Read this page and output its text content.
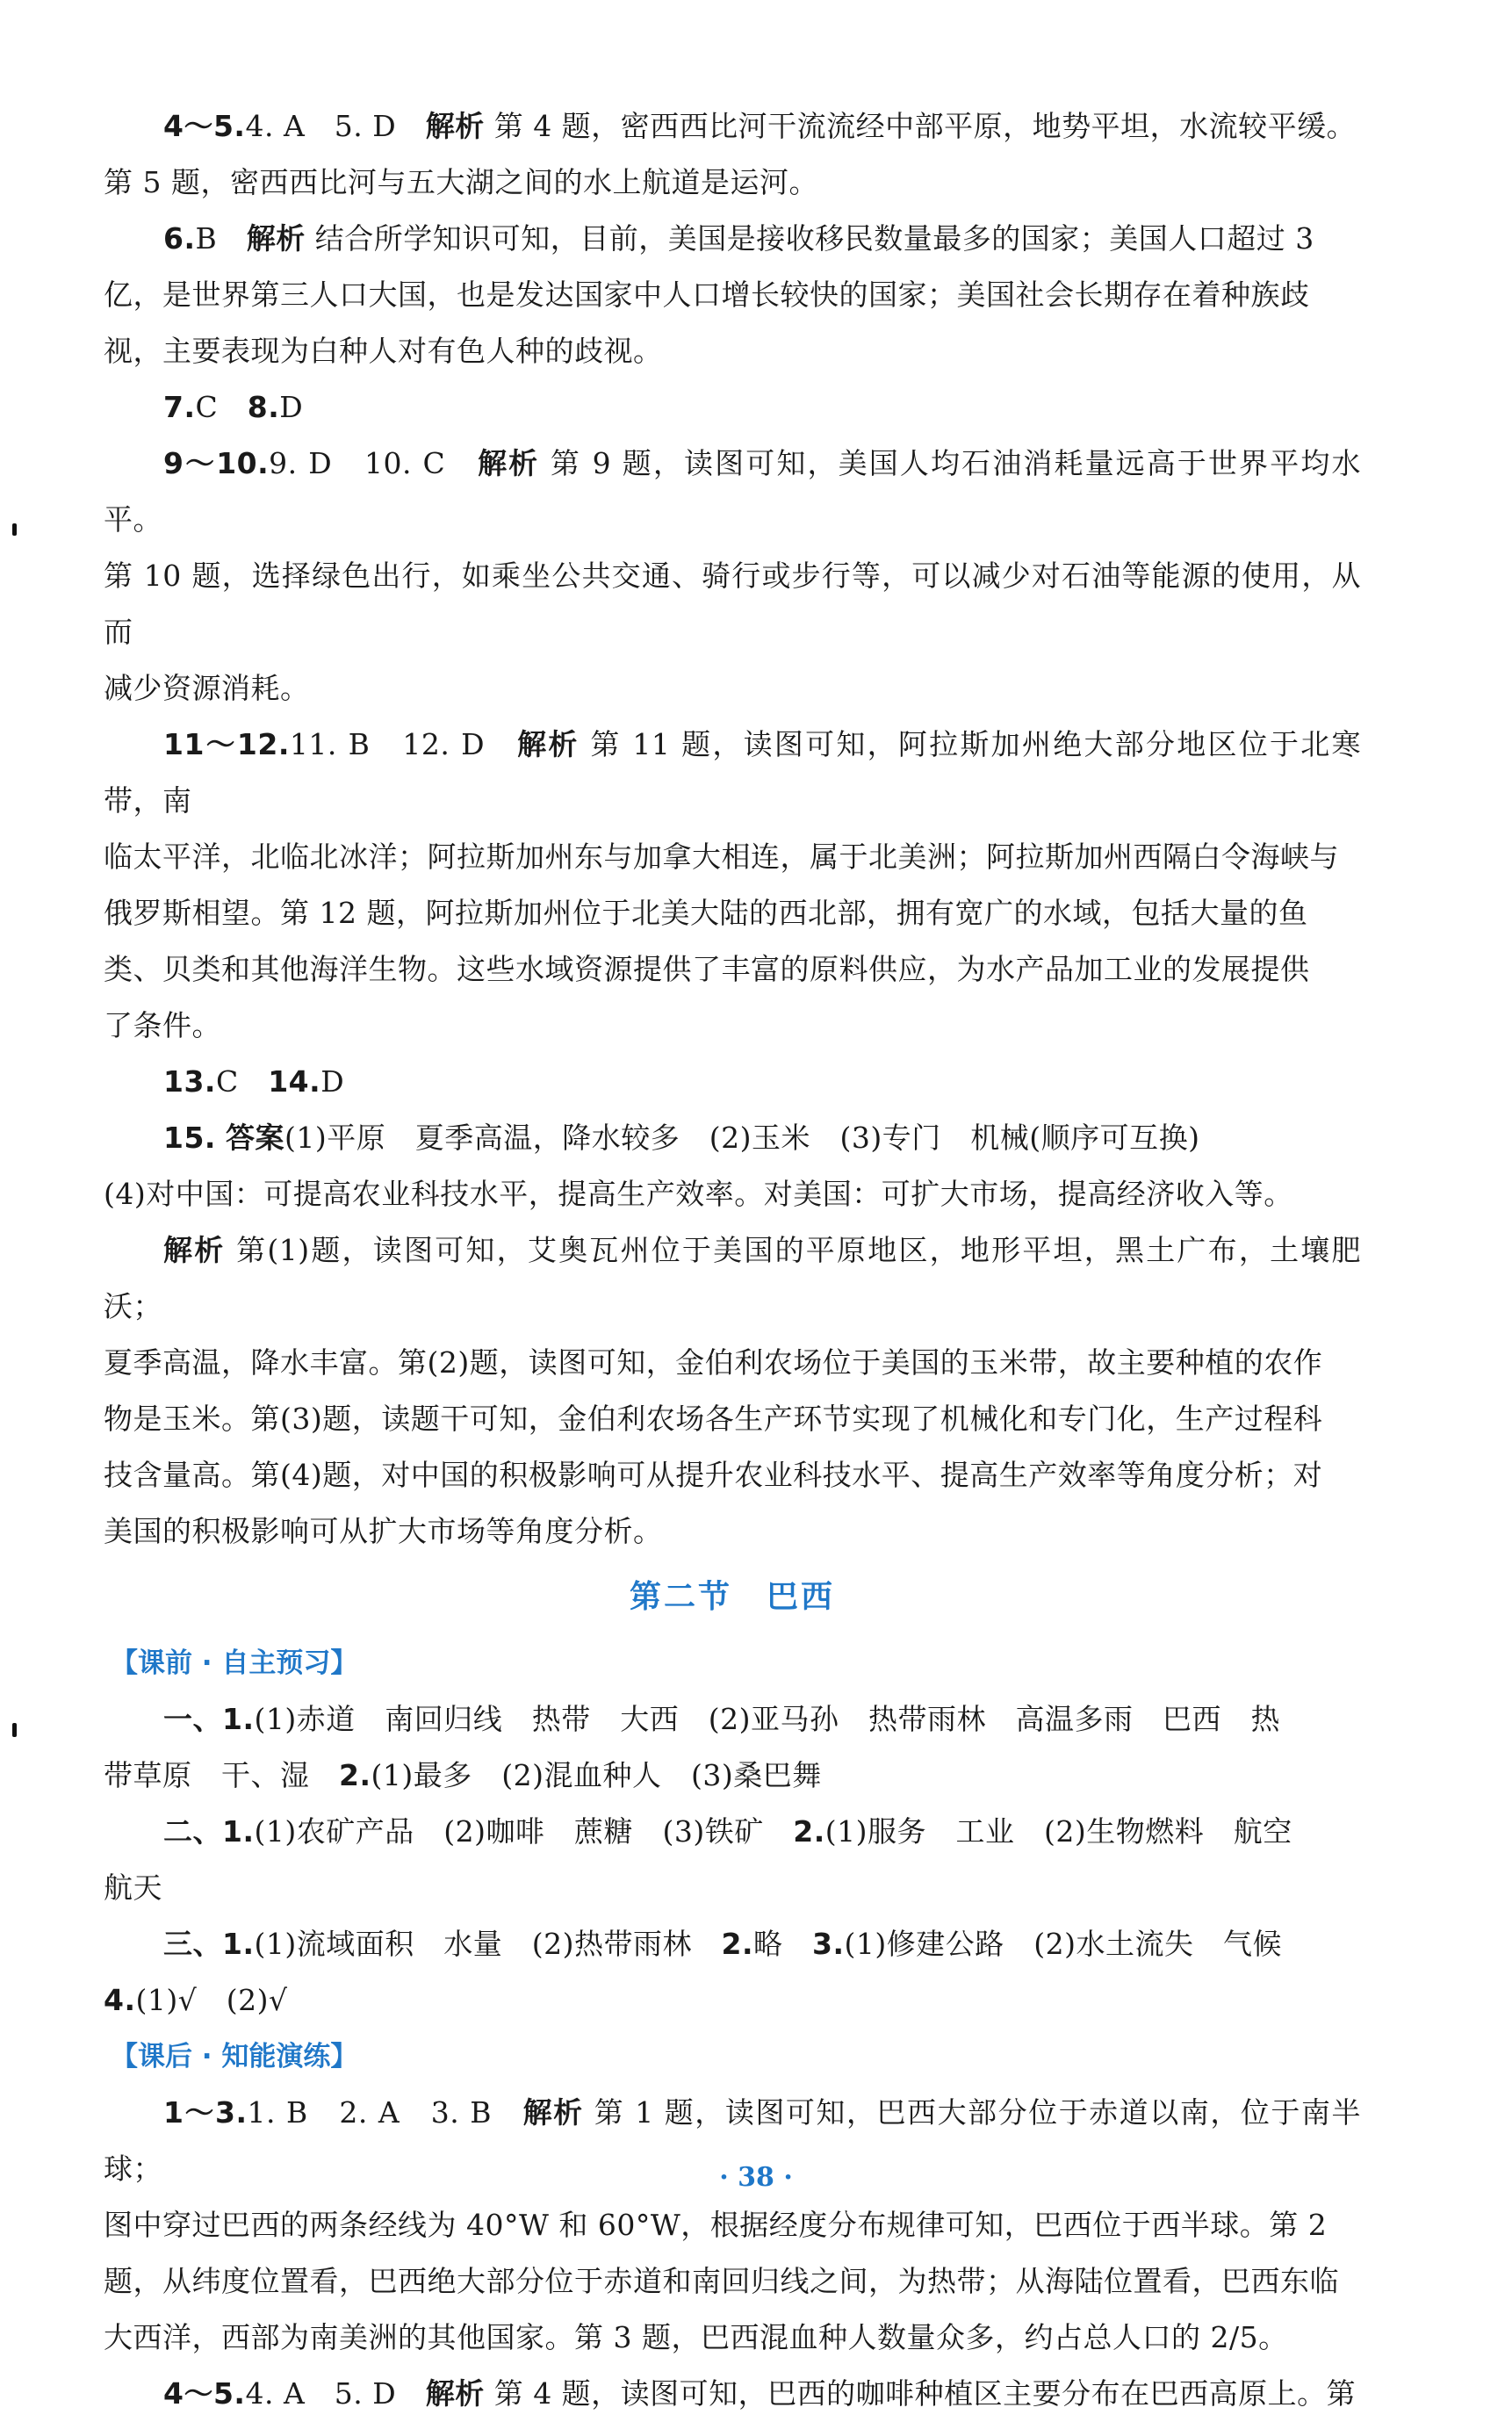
4～5.4. A　5. D　解析 第 4 题，密西西比河干流流经中部平原，地势平坦，水流较平缓。

第 5 题，密西西比河与五大湖之间的水上航道是运河。

6.B　解析 结合所学知识可知，目前，美国是接收移民数量最多的国家；美国人口超过 3

亿，是世界第三人口大国，也是发达国家中人口增长较快的国家；美国社会长期存在着种族歧

视，主要表现为白种人对有色人种的歧视。

7.C　8.D

9～10.9. D　10. C　解析 第 9 题，读图可知，美国人均石油消耗量远高于世界平均水平。

第 10 题，选择绿色出行，如乘坐公共交通、骑行或步行等，可以减少对石油等能源的使用，从而

减少资源消耗。

11～12.11. B　12. D　解析 第 11 题，读图可知，阿拉斯加州绝大部分地区位于北寒带，南

临太平洋，北临北冰洋；阿拉斯加州东与加拿大相连，属于北美洲；阿拉斯加州西隔白令海峡与

俄罗斯相望。第 12 题，阿拉斯加州位于北美大陆的西北部，拥有宽广的水域，包括大量的鱼

类、贝类和其他海洋生物。这些水域资源提供了丰富的原料供应，为水产品加工业的发展提供

了条件。

13.C　14.D

15. 答案(1)平原　夏季高温，降水较多　(2)玉米　(3)专门　机械(顺序可互换)

(4)对中国：可提高农业科技水平，提高生产效率。对美国：可扩大市场，提高经济收入等。

解析 第(1)题，读图可知，艾奥瓦州位于美国的平原地区，地形平坦，黑土广布，土壤肥沃；

夏季高温，降水丰富。第(2)题，读图可知，金伯利农场位于美国的玉米带，故主要种植的农作

物是玉米。第(3)题，读题干可知，金伯利农场各生产环节实现了机械化和专门化，生产过程科

技含量高。第(4)题，对中国的积极影响可从提升农业科技水平、提高生产效率等角度分析；对

美国的积极影响可从扩大市场等角度分析。

第二节　巴西
【课前 · 自主预习】

一、1.(1)赤道　南回归线　热带　大西　(2)亚马孙　热带雨林　高温多雨　巴西　热

带草原　干、湿　2.(1)最多　(2)混血种人　(3)桑巴舞

二、1.(1)农矿产品　(2)咖啡　蔗糖　(3)铁矿　2.(1)服务　工业　(2)生物燃料　航空

航天

三、1.(1)流域面积　水量　(2)热带雨林　2.略　3.(1)修建公路　(2)水土流失　气候

4.(1)√　(2)√

【课后 · 知能演练】

1～3.1. B　2. A　3. B　解析 第 1 题，读图可知，巴西大部分位于赤道以南，位于南半球；

图中穿过巴西的两条经线为 40°W 和 60°W，根据经度分布规律可知，巴西位于西半球。第 2

题，从纬度位置看，巴西绝大部分位于赤道和南回归线之间，为热带；从海陆位置看，巴西东临

大西洋，西部为南美洲的其他国家。第 3 题，巴西混血种人数量众多，约占总人口的 2/5。

4～5.4. A　5. D　解析 第 4 题，读图可知，巴西的咖啡种植区主要分布在巴西高原上。第

· 38 ·
